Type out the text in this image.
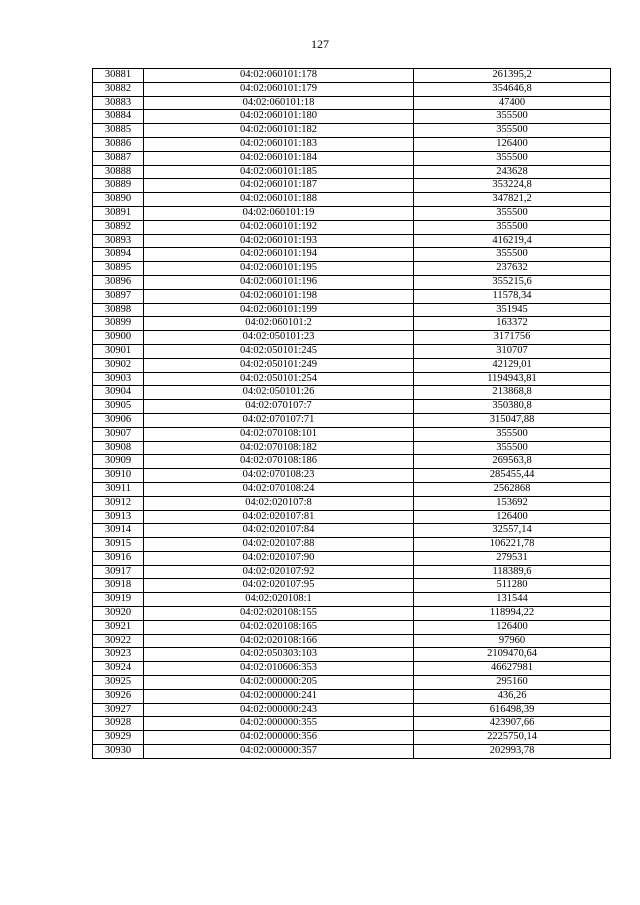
127
30881	04:02:060101:178	261395,2
30882	04:02:060101:179	354646,8
30883	04:02:060101:18	47400
30884	04:02:060101:180	355500
30885	04:02:060101:182	355500
30886	04:02:060101:183	126400
30887	04:02:060101:184	355500
30888	04:02:060101:185	243628
30889	04:02:060101:187	353224,8
30890	04:02:060101:188	347821,2
30891	04:02:060101:19	355500
30892	04:02:060101:192	355500
30893	04:02:060101:193	416219,4
30894	04:02:060101:194	355500
30895	04:02:060101:195	237632
30896	04:02:060101:196	355215,6
30897	04:02:060101:198	11578,34
30898	04:02:060101:199	351945
30899	04:02:060101:2	163372
30900	04:02:050101:23	3171756
30901	04:02:050101:245	310707
30902	04:02:050101:249	42129,01
30903	04:02:050101:254	1194943,81
30904	04:02:050101:26	213868,8
30905	04:02:070107:7	350380,8
30906	04:02:070107:71	315047,88
30907	04:02:070108:101	355500
30908	04:02:070108:182	355500
30909	04:02:070108:186	269563,8
30910	04:02:070108:23	285455,44
30911	04:02:070108:24	2562868
30912	04:02:020107:8	153692
30913	04:02:020107:81	126400
30914	04:02:020107:84	32557,14
30915	04:02:020107:88	106221,78
30916	04:02:020107:90	279531
30917	04:02:020107:92	118389,6
30918	04:02:020107:95	511280
30919	04:02:020108:1	131544
30920	04:02:020108:155	118994,22
30921	04:02:020108:165	126400
30922	04:02:020108:166	97960
30923	04:02:050303:103	2109470,64
30924	04:02:010606:353	46627981
30925	04:02:000000:205	295160
30926	04:02:000000:241	436,26
30927	04:02:000000:243	616498,39
30928	04:02:000000:355	423907,66
30929	04:02:000000:356	2225750,14
30930	04:02:000000:357	202993,78
